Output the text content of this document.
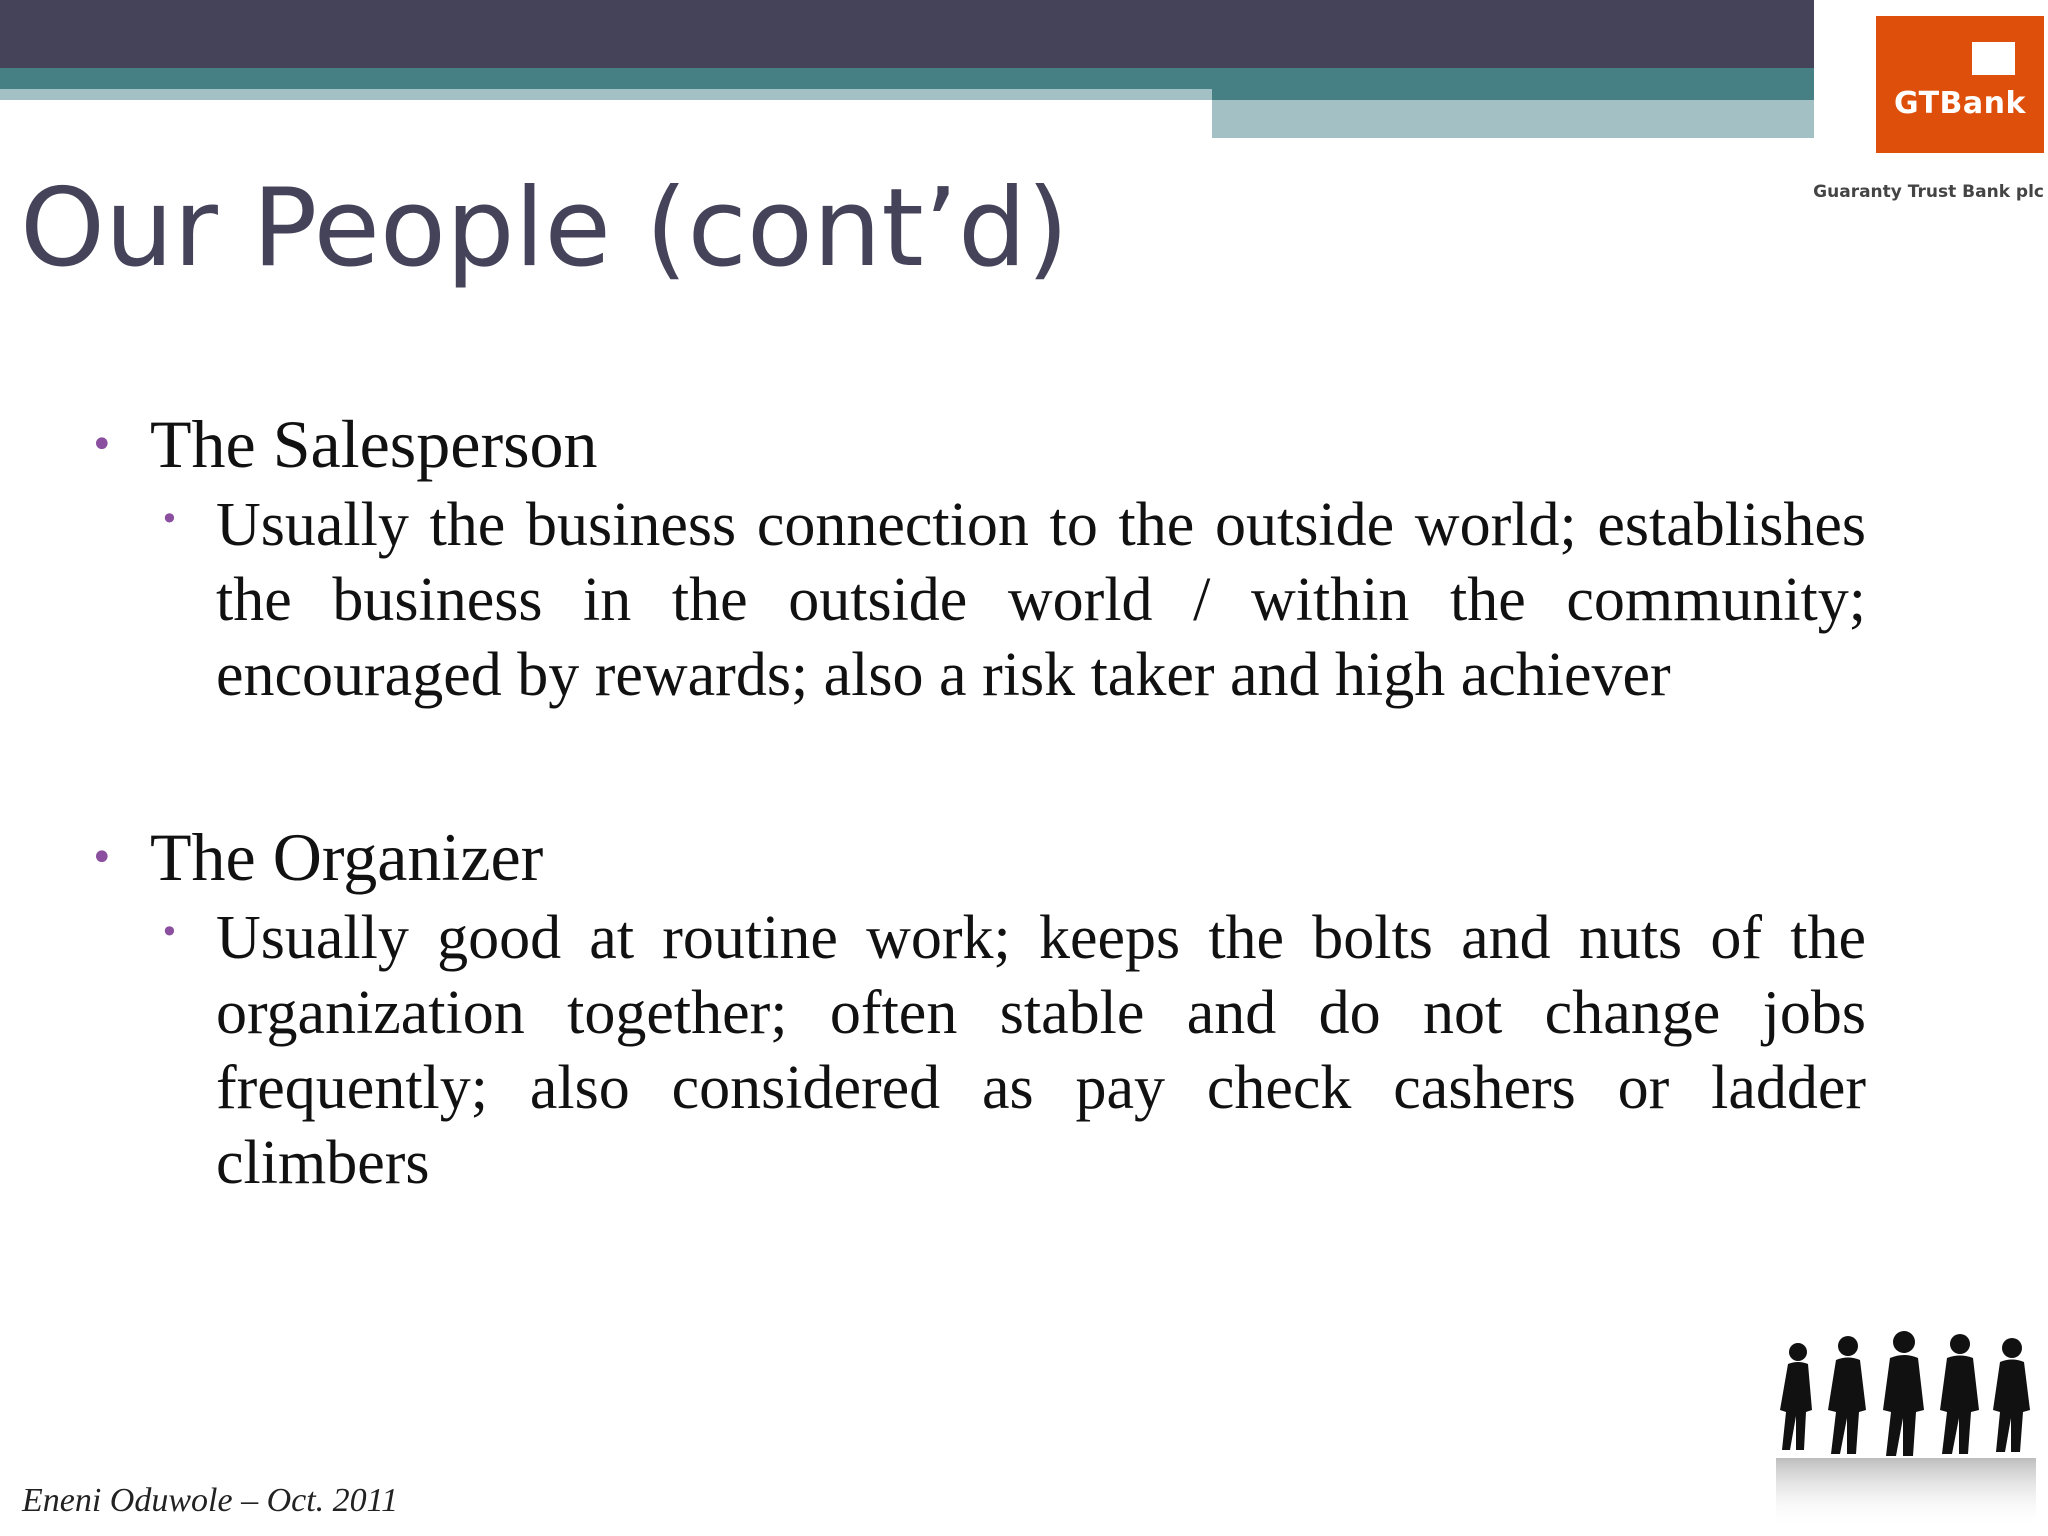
GTBank
Guaranty Trust Bank plc
Our People (cont’d)
• The Salesperson
• Usually the business connection to the outside world; establishes the business in the outside world / within the community; encouraged by rewards; also a risk taker and high achiever

• The Organizer
• Usually good at routine work; keeps the bolts and nuts of the organization together; often stable and do not change jobs frequently; also considered as pay check cashers or ladder climbers

Eneni Oduwole – Oct. 2011
